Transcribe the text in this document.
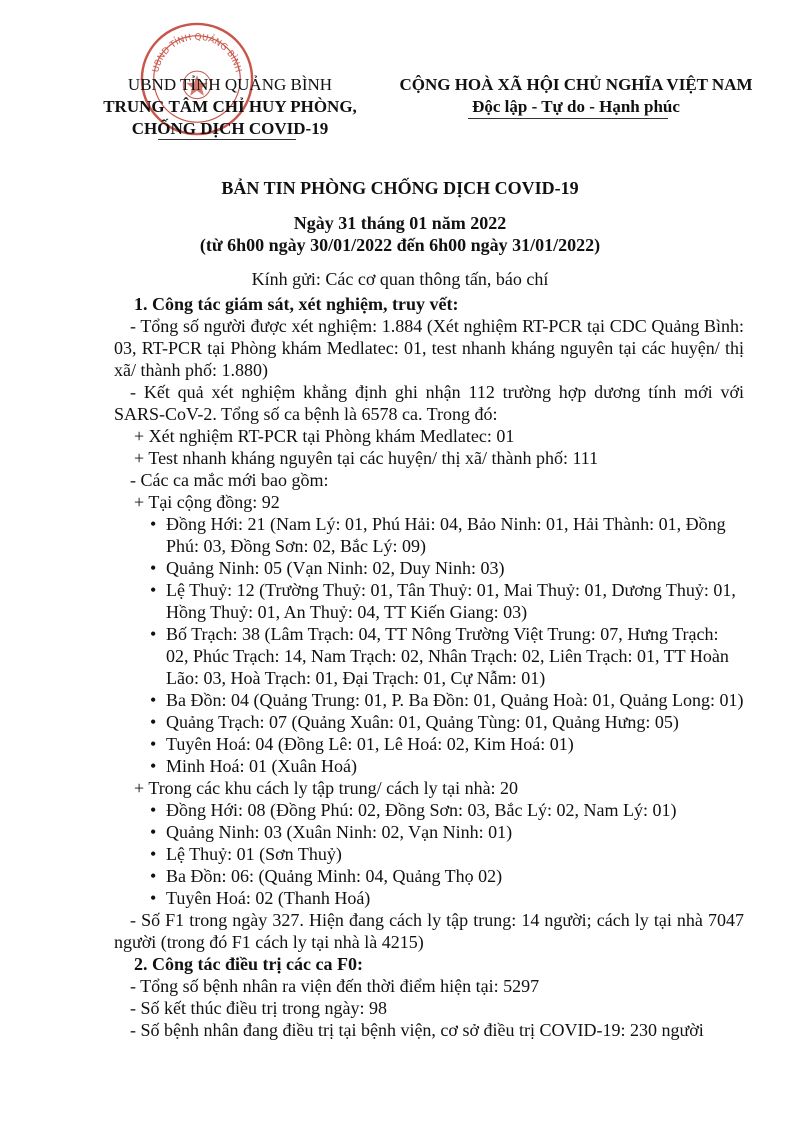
UBND TỈNH QUẢNG BÌNH
UBND TỈNH QUẢNG BÌNH
TRUNG TÂM CHỈ HUY PHÒNG,
CHỐNG DỊCH COVID-19
CỘNG HOÀ XÃ HỘI CHỦ NGHĨA VIỆT NAM
Độc lập - Tự do - Hạnh phúc
BẢN TIN PHÒNG CHỐNG DỊCH COVID-19
Ngày 31 tháng 01 năm 2022
(từ 6h00 ngày 30/01/2022 đến 6h00 ngày 31/01/2022)
Kính gửi: Các cơ quan thông tấn, báo chí

1. Công tác giám sát, xét nghiệm, truy vết:

- Tổng số người được xét nghiệm: 1.884 (Xét nghiệm RT-PCR tại CDC Quảng Bình: 03, RT-PCR tại Phòng khám Medlatec: 01, test nhanh kháng nguyên tại các huyện/ thị xã/ thành phố: 1.880)

- Kết quả xét nghiệm khẳng định ghi nhận 112 trường hợp dương tính mới với SARS-CoV-2. Tổng số ca bệnh là 6578 ca. Trong đó:

+ Xét nghiệm RT-PCR tại Phòng khám Medlatec: 01

+ Test nhanh kháng nguyên tại các huyện/ thị xã/ thành phố: 111

- Các ca mắc mới bao gồm:

+ Tại cộng đồng: 92

• Đồng Hới: 21 (Nam Lý: 01, Phú Hải: 04, Bảo Ninh: 01, Hải Thành: 01, Đồng Phú: 03, Đồng Sơn: 02, Bắc Lý: 09)

• Quảng Ninh: 05 (Vạn Ninh: 02, Duy Ninh: 03)

• Lệ Thuỷ: 12 (Trường Thuỷ: 01, Tân Thuỷ: 01, Mai Thuỷ: 01, Dương Thuỷ: 01, Hồng Thuỷ: 01, An Thuỷ: 04, TT Kiến Giang: 03)

• Bố Trạch: 38 (Lâm Trạch: 04, TT Nông Trường Việt Trung: 07, Hưng Trạch: 02, Phúc Trạch: 14, Nam Trạch: 02, Nhân Trạch: 02, Liên Trạch: 01, TT Hoàn Lão: 03, Hoà Trạch: 01, Đại Trạch: 01, Cự Nẫm: 01)

• Ba Đồn: 04 (Quảng Trung: 01, P. Ba Đồn: 01, Quảng Hoà: 01, Quảng Long: 01)

• Quảng Trạch: 07 (Quảng Xuân: 01, Quảng Tùng: 01, Quảng Hưng: 05)

• Tuyên Hoá: 04 (Đồng Lê: 01, Lê Hoá: 02, Kim Hoá: 01)

• Minh Hoá: 01 (Xuân Hoá)

+ Trong các khu cách ly tập trung/ cách ly tại nhà: 20

• Đồng Hới: 08 (Đồng Phú: 02, Đồng Sơn: 03, Bắc Lý: 02, Nam Lý: 01)

• Quảng Ninh: 03 (Xuân Ninh: 02, Vạn Ninh: 01)

• Lệ Thuỷ: 01 (Sơn Thuỷ)

• Ba Đồn: 06: (Quảng Minh: 04, Quảng Thọ 02)

• Tuyên Hoá: 02 (Thanh Hoá)

- Số F1 trong ngày 327. Hiện đang cách ly tập trung: 14 người; cách ly tại nhà 7047 người (trong đó F1 cách ly tại nhà là 4215)

2. Công tác điều trị các ca F0:

- Tổng số bệnh nhân ra viện đến thời điểm hiện tại: 5297

- Số kết thúc điều trị trong ngày: 98

- Số bệnh nhân đang điều trị tại bệnh viện, cơ sở điều trị COVID-19: 230 người
